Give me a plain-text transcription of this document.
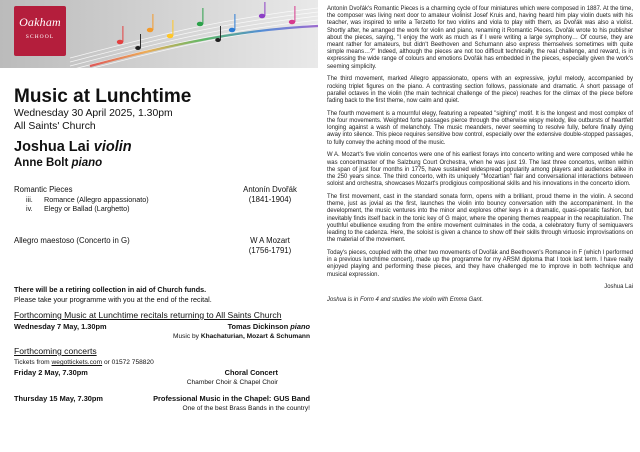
Oakham
SCHOOL
Music at Lunchtime
Wednesday 30 April 2025, 1.30pm
All Saints' Church
Joshua Lai violin
Anne Bolt piano
Romantic Pieces	Antonín Dvořák
iii. Romance (Allegro appassionato)	(1841-1904)
iv. Elegy or Ballad (Larghetto)
Allegro maestoso (Concerto in G)	W A Mozart
(1756-1791)
There will be a retiring collection in aid of Church funds.
Please take your programme with you at the end of the recital.
Forthcoming Music at Lunchtime recitals returning to All Saints Church
Wednesday 7 May, 1.30pm	Tomas Dickinson piano
Music by Khachaturian, Mozart & Schumann
Forthcoming concerts
Tickets from wegottickets.com or 01572 758820
Friday 2 May, 7.30pm	Choral Concert
Chamber Choir & Chapel Choir
Thursday 15 May, 7.30pm	Professional Music in the Chapel: GUS Band
One of the best Brass Bands in the country!

Antonín Dvořák's Romantic Pieces is a charming cycle of four miniatures which were composed in 1887. At the time, the composer was living next door to amateur violinist Josef Kruis and, having heard him play violin duets with his teacher, was inspired to write a Terzetto for two violins and viola to play with them, as Dvořák was also a violist. Shortly after, he arranged the work for violin and piano, renaming it Romantic Pieces. Dvořák wrote to his publisher about the pieces, saying, "I enjoy the work as much as if I were writing a large symphony… Of course, they are meant rather for amateurs, but didn't Beethoven and Schumann also express themselves sometimes with quite simple means…?" Indeed, although the pieces are not too difficult technically, the real challenge, and reward, is in expressing the wide range of colours and emotions Dvořák has embedded in the pieces, especially given the work's seeming simplicity.

The third movement, marked Allegro appassionato, opens with an expressive, joyful melody, accompanied by rocking triplet figures on the piano. A contrasting section follows, passionate and dramatic. A short passage of parallel octaves in the violin (the main technical challenge of the piece) reaches for the climax of the piece before fading back to the first theme, now calm and quiet.

The fourth movement is a mournful elegy, featuring a repeated "sighing" motif. It is the longest and most complex of the four movements. Weighted forte passages pierce through the otherwise wispy melody, like outbursts of heartfelt longing against a wash of melancholy. The music meanders, never seeming to resolve fully, before finally dying away into silence. This piece requires sensitive bow control, especially over the extensive double-stopped passages, to fully convey the aching mood of the music.

W A. Mozart's five violin concertos were one of his earliest forays into concerto writing and were composed while he was concertmaster of the Salzburg Court Orchestra, when he was just 19. The last three concertos, written within the span of just four months in 1775, have sustained widespread popularity among players and audiences alike in the 250 years since. The third concerto, with its uniquely "Mozartian" flair and conversational interactions between soloist and orchestra, showcases Mozart's prodigious compositional skills and his innovations in the concerto idiom.

The first movement, cast in the standard sonata form, opens with a brilliant, proud theme in the violin. A second theme, just as jovial as the first, launches the violin into bouncy conversation with the accompaniment. In the development, the music ventures into the minor and explores other keys in a dramatic, quasi-operatic fashion, but inevitably finds itself back in the tonic key of G major, where the opening themes reappear in the recapitulation. The youthful ebullience exuding from the entire movement culminates in the coda, a celebratory flurry of semiquavers leading to the cadenza. Here, the soloist is given a chance to show off their skills through virtuosic improvisations on the material of the movement.

Today's pieces, coupled with the other two movements of Dvořák and Beethoven's Romance in F (which I performed in a previous lunchtime concert), made up the programme for my ARSM diploma that I took last term. I have really enjoyed playing and performing these pieces, and they have challenged me to improve in both technique and musical expression.

Joshua Lai

Joshua is in Form 4 and studies the violin with Emma Gant.
